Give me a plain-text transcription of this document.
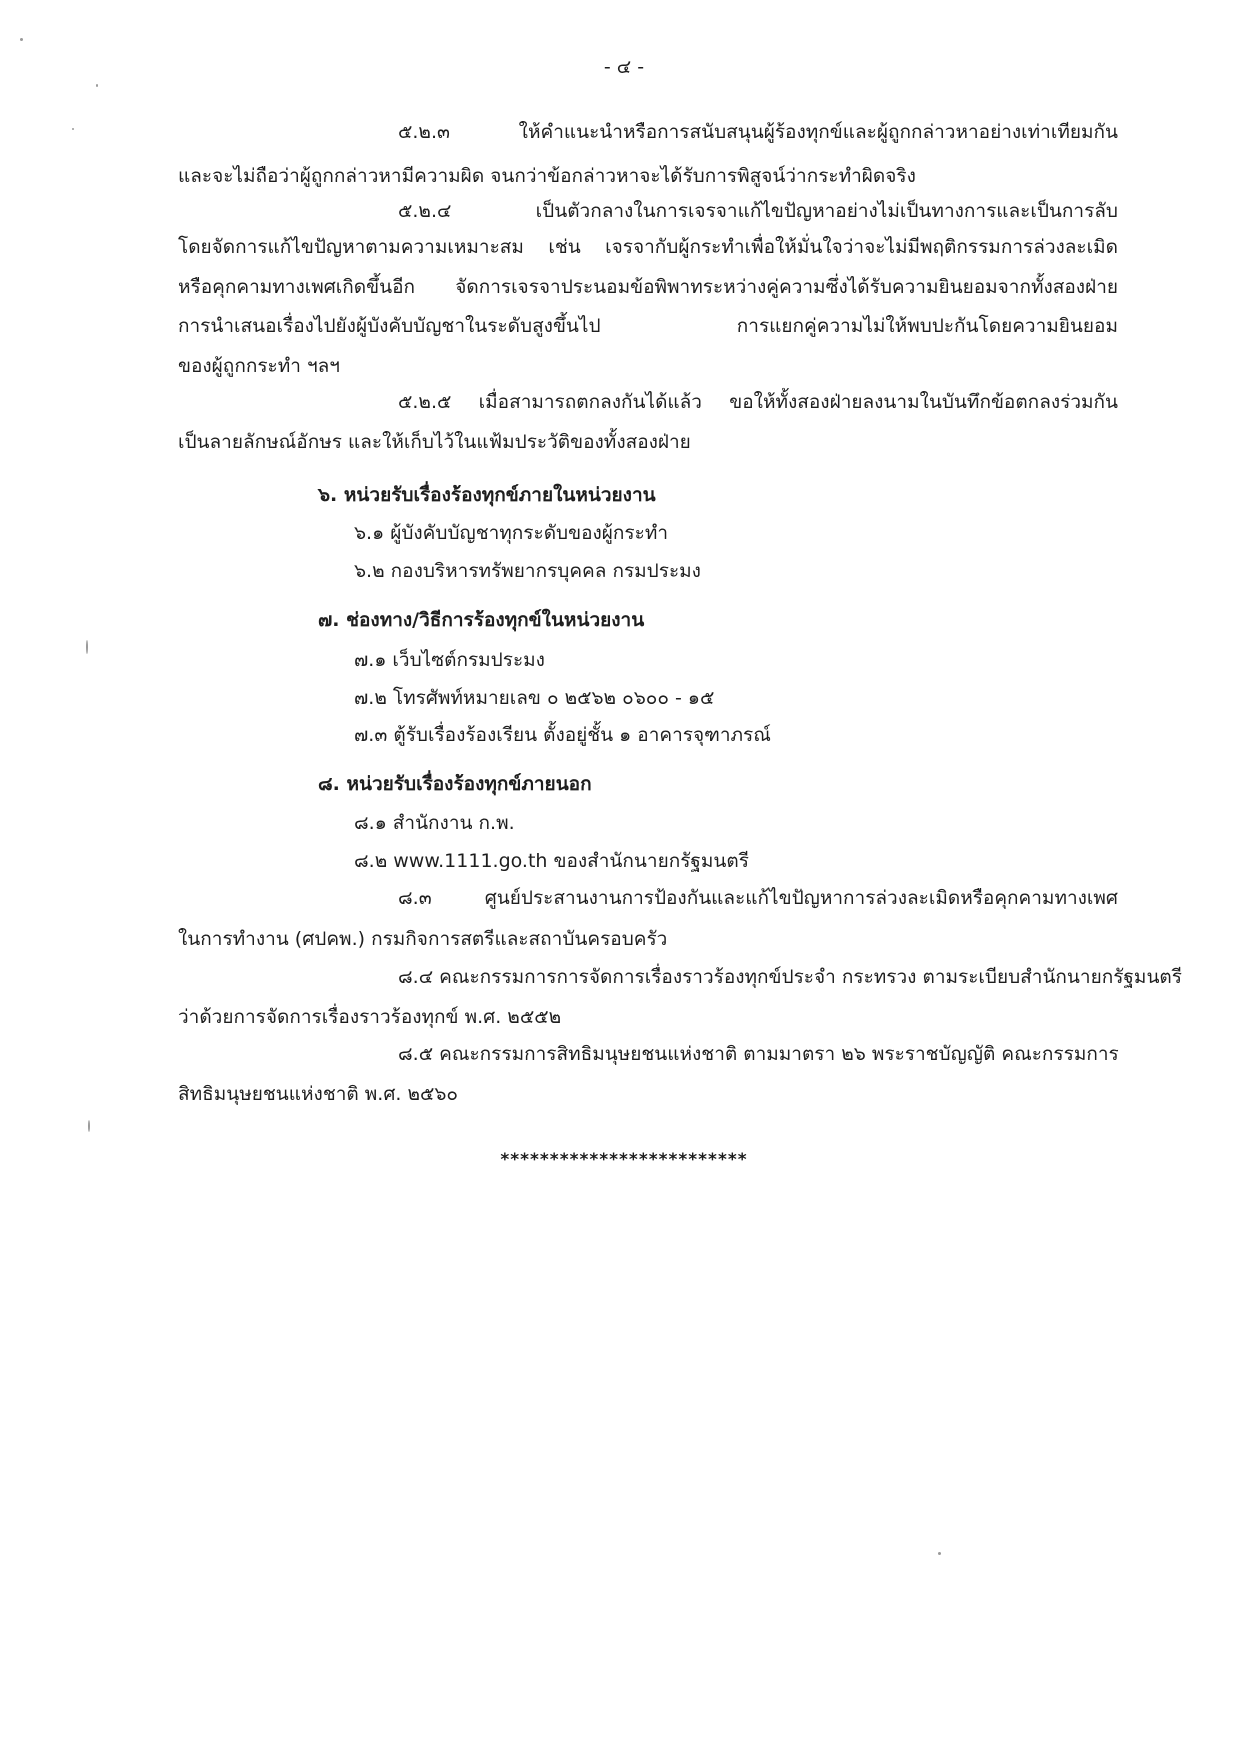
- ๔ -
๕.๒.๓ ให้คำแนะนำหรือการสนับสนุนผู้ร้องทุกข์และผู้ถูกกล่าวหาอย่างเท่าเทียมกัน
และจะไม่ถือว่าผู้ถูกกล่าวหามีความผิด จนกว่าข้อกล่าวหาจะได้รับการพิสูจน์ว่ากระทำผิดจริง
๕.๒.๔ เป็นตัวกลางในการเจรจาแก้ไขปัญหาอย่างไม่เป็นทางการและเป็นการลับ
โดยจัดการแก้ไขปัญหาตามความเหมาะสม เช่น เจรจากับผู้กระทำเพื่อให้มั่นใจว่าจะไม่มีพฤติกรรมการล่วงละเมิด
หรือคุกคามทางเพศเกิดขึ้นอีก จัดการเจรจาประนอมข้อพิพาทระหว่างคู่ความซึ่งได้รับความยินยอมจากทั้งสองฝ่าย
การนำเสนอเรื่องไปยังผู้บังคับบัญชาในระดับสูงขึ้นไป การแยกคู่ความไม่ให้พบปะกันโดยความยินยอม
ของผู้ถูกกระทำ ฯลฯ
๕.๒.๕ เมื่อสามารถตกลงกันได้แล้ว ขอให้ทั้งสองฝ่ายลงนามในบันทึกข้อตกลงร่วมกัน
เป็นลายลักษณ์อักษร และให้เก็บไว้ในแฟ้มประวัติของทั้งสองฝ่าย
๖. หน่วยรับเรื่องร้องทุกข์ภายในหน่วยงาน
๖.๑ ผู้บังคับบัญชาทุกระดับของผู้กระทำ
๖.๒ กองบริหารทรัพยากรบุคคล กรมประมง
๗. ช่องทาง/วิธีการร้องทุกข์ในหน่วยงาน
๗.๑ เว็บไซต์กรมประมง
๗.๒ โทรศัพท์หมายเลข ๐ ๒๕๖๒ ๐๖๐๐ - ๑๕
๗.๓ ตู้รับเรื่องร้องเรียน ตั้งอยู่ชั้น ๑ อาคารจุฑาภรณ์
๘. หน่วยรับเรื่องร้องทุกข์ภายนอก
๘.๑ สำนักงาน ก.พ.
๘.๒ www.1111.go.th ของสำนักนายกรัฐมนตรี
๘.๓ ศูนย์ประสานงานการป้องกันและแก้ไขปัญหาการล่วงละเมิดหรือคุกคามทางเพศ
ในการทำงาน (ศปคพ.) กรมกิจการสตรีและสถาบันครอบครัว
๘.๔ คณะกรรมการการจัดการเรื่องราวร้องทุกข์ประจำ กระทรวง ตามระเบียบสำนักนายกรัฐมนตรี
ว่าด้วยการจัดการเรื่องราวร้องทุกข์ พ.ศ. ๒๕๕๒
๘.๕ คณะกรรมการสิทธิมนุษยชนแห่งชาติ ตามมาตรา ๒๖ พระราชบัญญัติ คณะกรรมการ
สิทธิมนุษยชนแห่งชาติ พ.ศ. ๒๕๖๐
*************************
